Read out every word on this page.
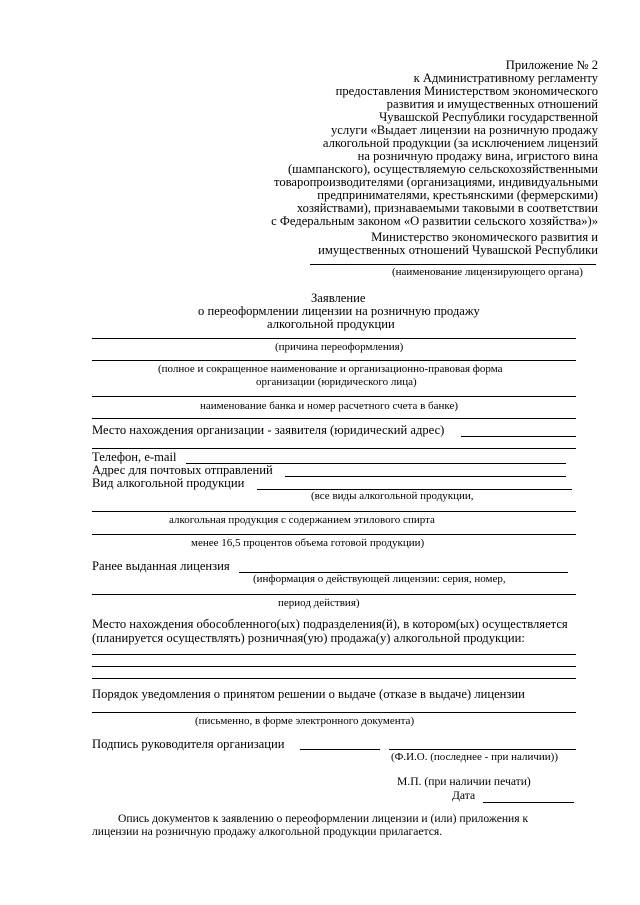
Приложение № 2
к Административному регламенту
предоставления Министерством экономического
развития и имущественных отношений
Чувашской Республики государственной
услуги «Выдает лицензии на розничную продажу
алкогольной продукции (за исключением лицензий
на розничную продажу вина, игристого вина
(шампанского), осуществляемую сельскохозяйственными
товаропроизводителями (организациями, индивидуальными
предпринимателями, крестьянскими (фермерскими)
хозяйствами), признаваемыми таковыми в соответствии
с Федеральным законом «О развитии сельского хозяйства»)»
Министерство экономического развития и
имущественных отношений Чувашской Республики
(наименование лицензирующего органа)
Заявление
о переоформлении лицензии на розничную продажу
алкогольной продукции
(причина переоформления)
(полное и сокращенное наименование и организационно-правовая форма
организации (юридического лица)
наименование банка и номер расчетного счета в банке)
Место нахождения организации - заявителя (юридический адрес)
Телефон, e-mail
Адрес для почтовых отправлений
Вид алкогольной продукции
(все виды алкогольной продукции,
алкогольная продукция с содержанием этилового спирта
менее 16,5 процентов объема готовой продукции)
Ранее выданная лицензия
(информация о действующей лицензии: серия, номер,
период действия)
Место нахождения обособленного(ых) подразделения(й), в котором(ых) осуществляется
(планируется осуществлять) розничная(ую) продажа(у) алкогольной продукции:
Порядок уведомления о принятом решении о выдаче (отказе в выдаче) лицензии
(письменно, в форме электронного документа)
Подпись руководителя организации
(Ф.И.О. (последнее - при наличии))
М.П. (при наличии печати)
Дата
Опись документов к заявлению о переоформлении лицензии и (или) приложения к
лицензии на розничную продажу алкогольной продукции прилагается.
